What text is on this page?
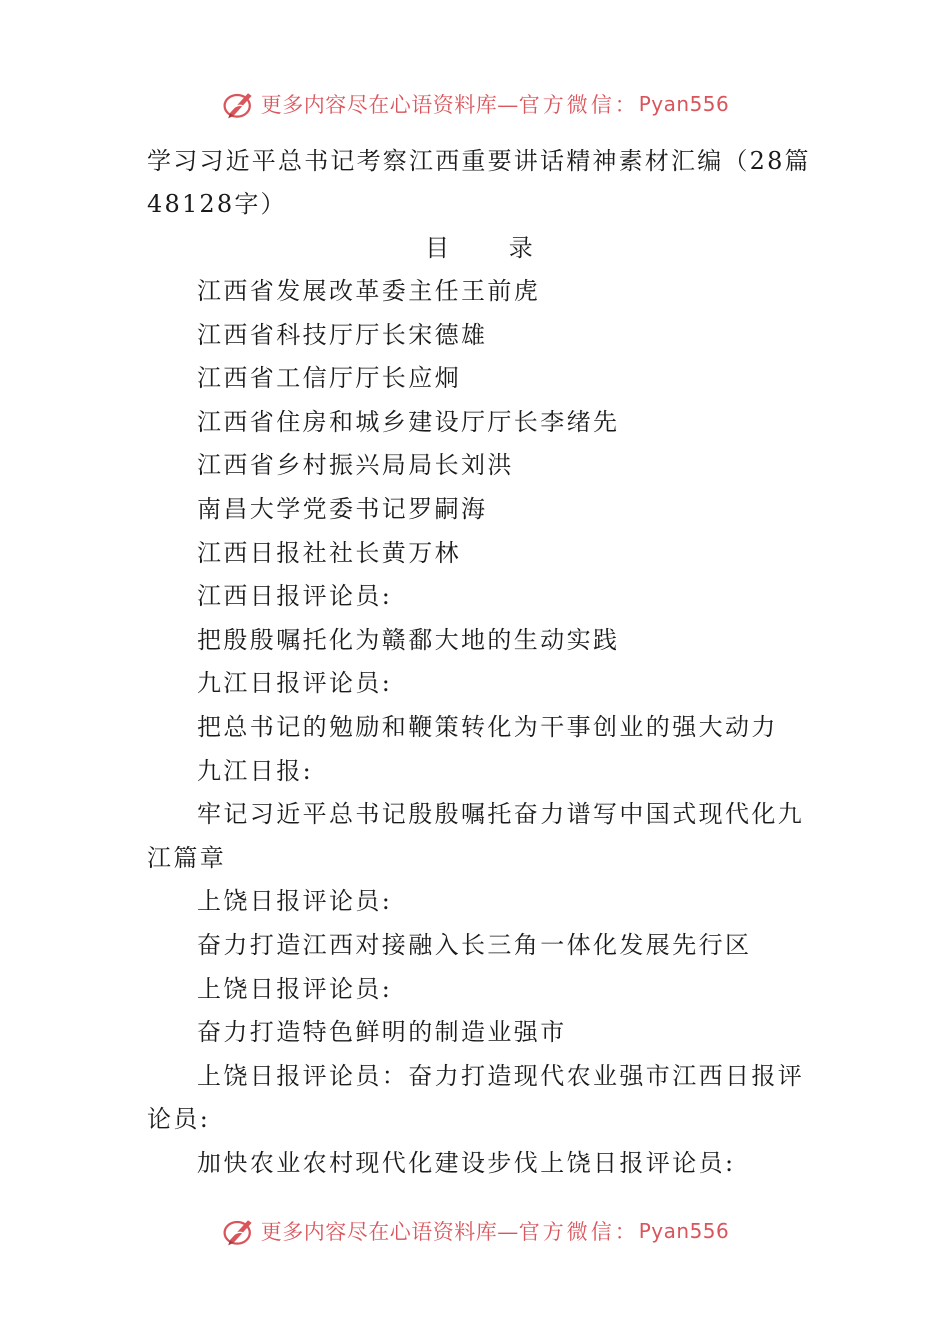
更多内容尽在心语资料库— 官方微信： Pyan556

学习习近平总书记考察江西重要讲话精神素材汇编（28篇48128字）

目 录

江西省发展改革委主任王前虎

江西省科技厅厅长宋德雄

江西省工信厅厅长应炯

江西省住房和城乡建设厅厅长李绪先

江西省乡村振兴局局长刘洪

南昌大学党委书记罗嗣海

江西日报社社长黄万林

江西日报评论员:

把殷殷嘱托化为赣鄱大地的生动实践

九江日报评论员:

把总书记的勉励和鞭策转化为干事创业的强大动力

九江日报:

牢记习近平总书记殷殷嘱托奋力谱写中国式现代化九江篇章

上饶日报评论员:

奋力打造江西对接融入长三角一体化发展先行区

上饶日报评论员:

奋力打造特色鲜明的制造业强市

上饶日报评论员：奋力打造现代农业强市江西日报评论员:

加快农业农村现代化建设步伐上饶日报评论员:

更多内容尽在心语资料库— 官方微信： Pyan556
